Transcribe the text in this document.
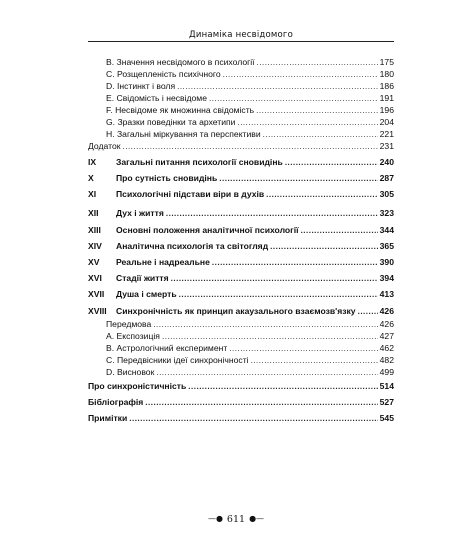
Динаміка несвідомого
B. Значення несвідомого в психології .....	175
C. Розщепленість психічного .....	180
D. Інстинкт і воля .....	186
E. Свідомість і несвідоме .....	191
F. Несвідоме як множинна свідомість .....	196
G. Зразки поведінки та архетипи .....	204
H. Загальні міркування та перспективи .....	221
Додаток .....	231
IX	Загальні питання психології сновидінь .....	240
X	Про сутність сновидінь .....	287
XI	Психологічні підстави віри в духів .....	305
XII	Дух і життя .....	323
XIII	Основні положення аналітичної психології .....	344
XIV	Аналітична психологія та світогляд .....	365
XV	Реальне і надреальне .....	390
XVI	Стадії життя .....	394
XVII	Душа і смерть .....	413
XVIII	Синхронічність як принцип акаузального взаємозв'язку .....	426
Передмова .....	426
A. Експозиція .....	427
B. Астрологічний експеримент .....	462
C. Передвісники ідеї синхронічності .....	482
D. Висновок .....	499
Про синхроністичність .....	514
Бібліографія .....	527
Примітки .....	545
—● 611 ●—
